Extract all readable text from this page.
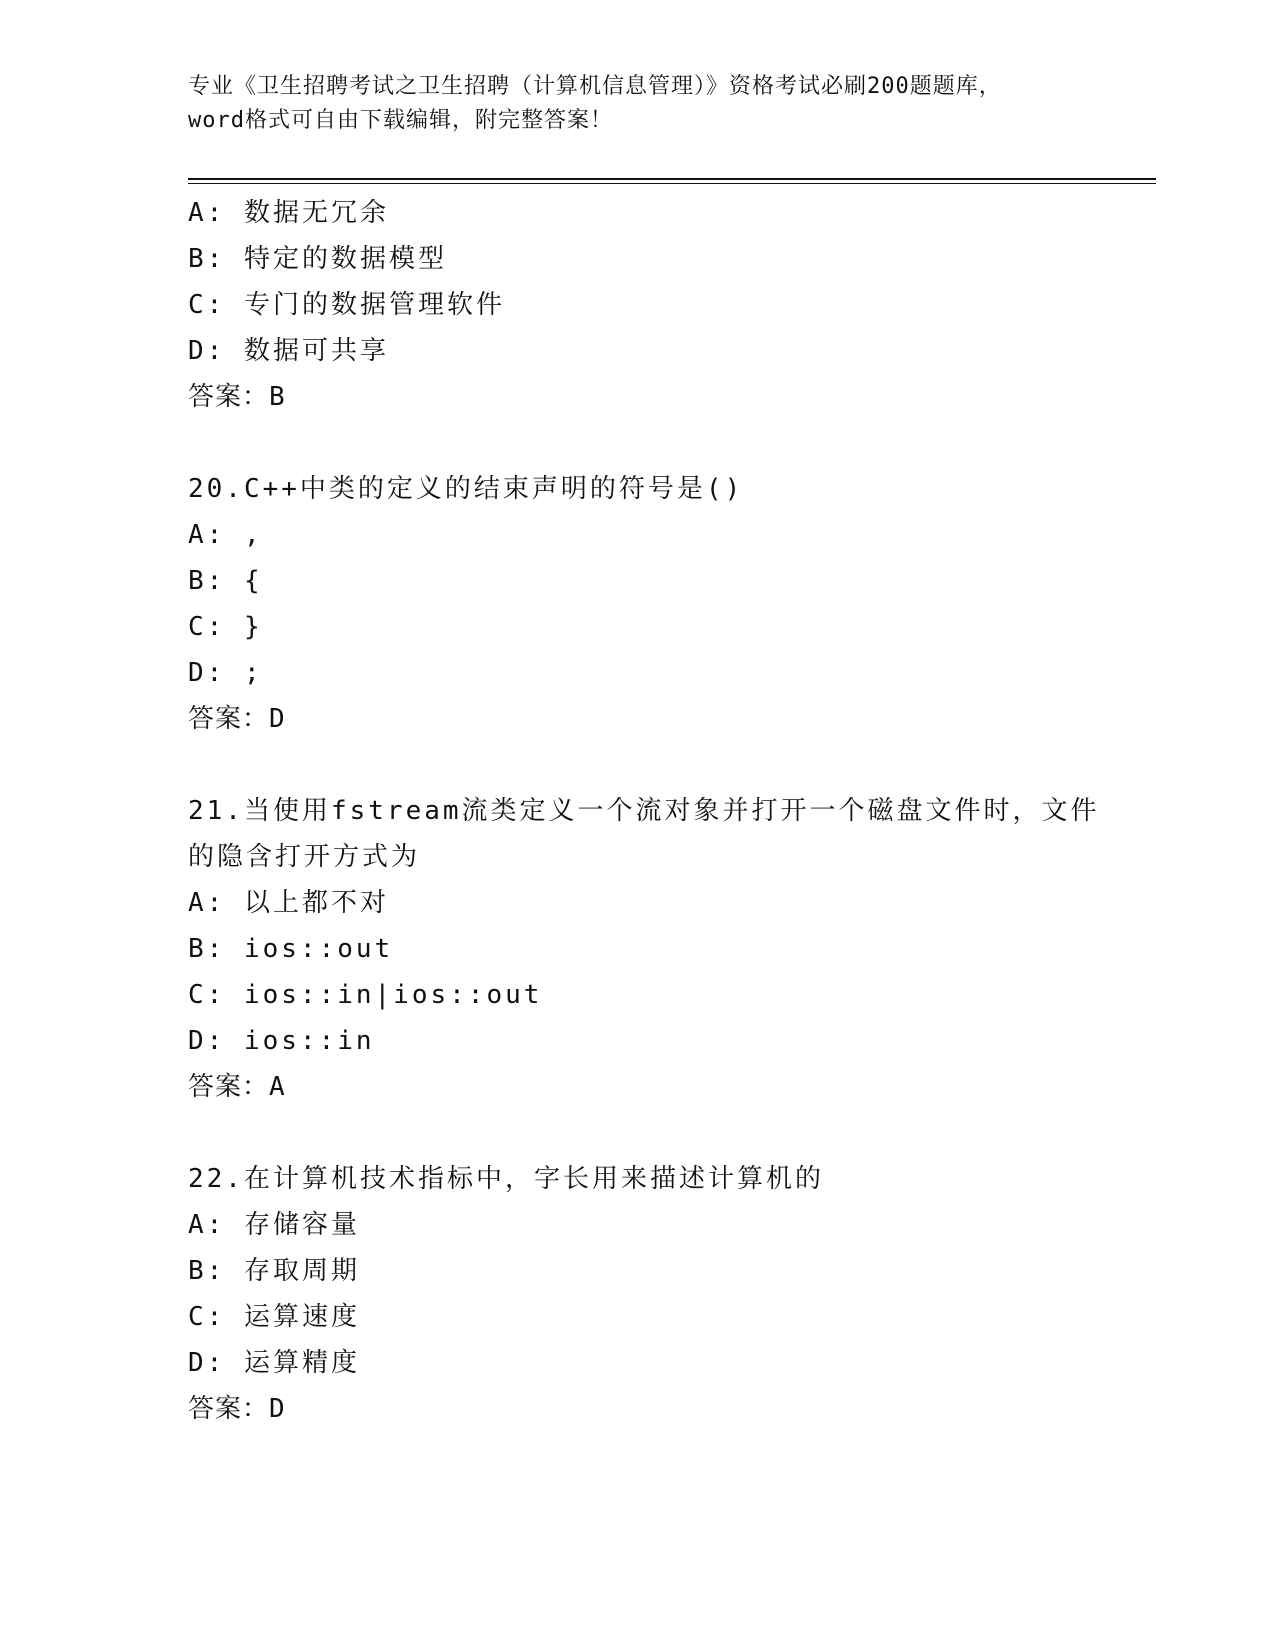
专业《卫生招聘考试之卫生招聘（计算机信息管理）》资格考试必刷200题题库，
word格式可自由下载编辑，附完整答案！
A: 数据无冗余
B: 特定的数据模型
C: 专门的数据管理软件
D: 数据可共享
答案：B
20.C++中类的定义的结束声明的符号是()
A: ,
B: {
C: }
D: ;
答案：D
21.当使用fstream流类定义一个流对象并打开一个磁盘文件时，文件
的隐含打开方式为
A: 以上都不对
B: ios::out
C: ios::in|ios::out
D: ios::in
答案：A
22.在计算机技术指标中，字长用来描述计算机的
A: 存储容量
B: 存取周期
C: 运算速度
D: 运算精度
答案：D
